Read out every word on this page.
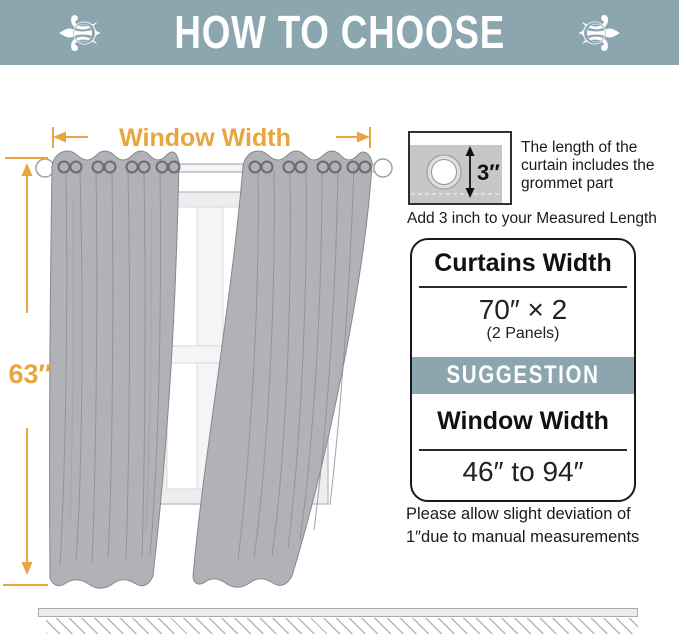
⚜ HOW TO CHOOSE ⚜
Window Width
63″
3″
The length of the curtain includes the grommet part
Add 3 inch to your Measured Length
Curtains Width
70″ × 2
(2 Panels)
SUGGESTION
Window Width
46″ to 94″
Please allow slight deviation of
1″due to manual measurements
